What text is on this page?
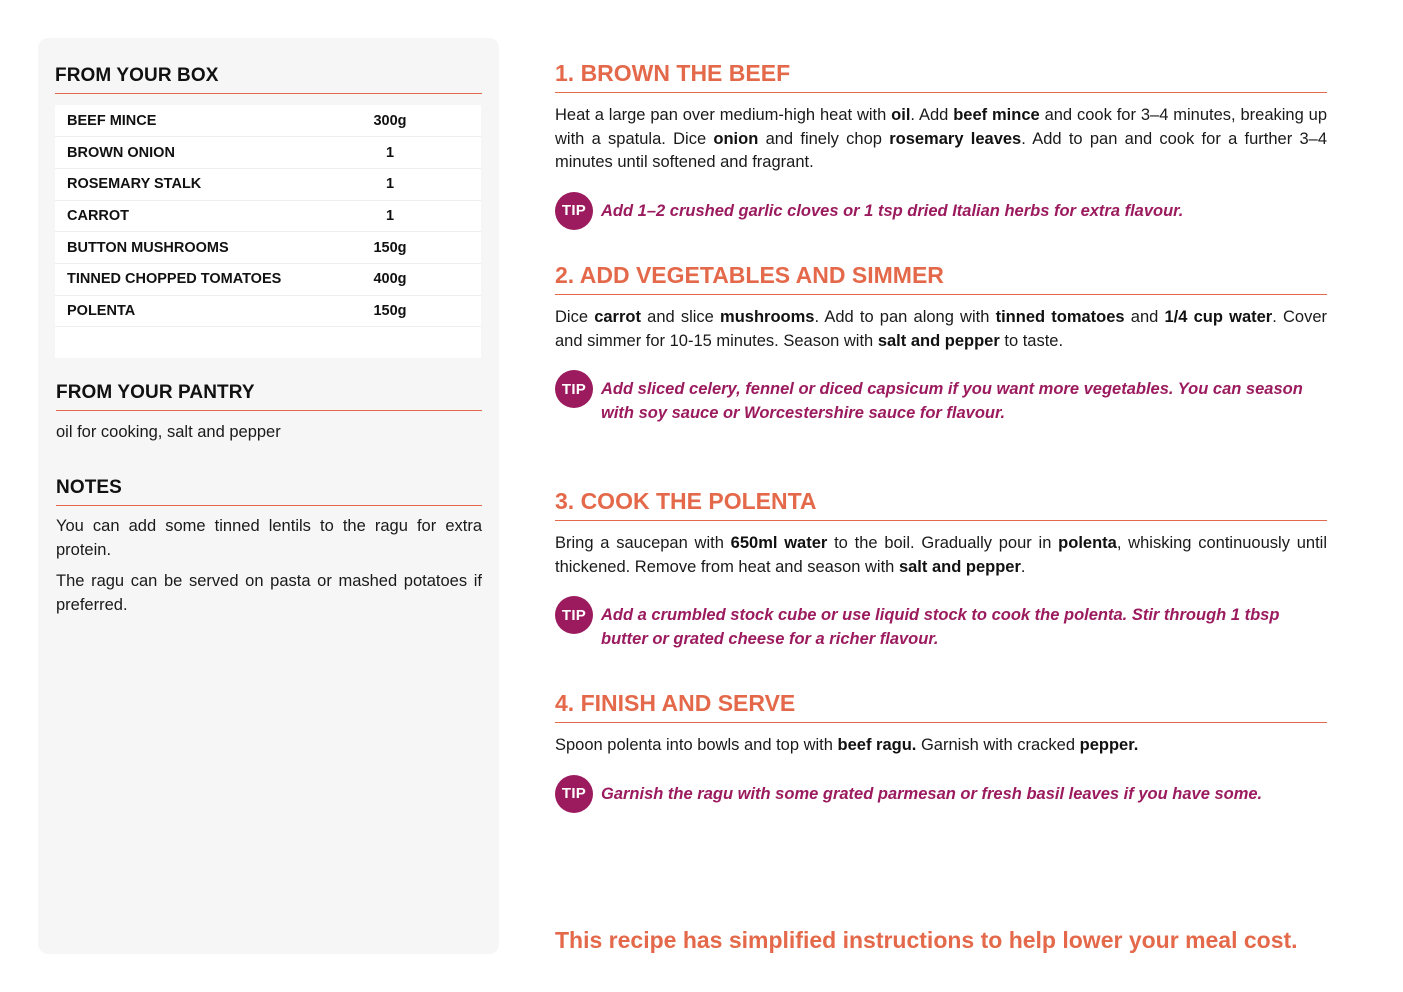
FROM YOUR BOX
BEEF MINCE	300g
BROWN ONION	1
ROSEMARY STALK	1
CARROT	1
BUTTON MUSHROOMS	150g
TINNED CHOPPED TOMATOES	400g
POLENTA	150g

FROM YOUR PANTRY

oil for cooking, salt and pepper

NOTES

You can add some tinned lentils to the ragu for extra protein.

The ragu can be served on pasta or mashed potatoes if preferred.

1. BROWN THE BEEF
Heat a large pan over medium-high heat with oil. Add beef mince and cook for 3–4 minutes, breaking up with a spatula. Dice onion and finely chop rosemary leaves. Add to pan and cook for a further 3–4 minutes until softened and fragrant.
TIP Add 1–2 crushed garlic cloves or 1 tsp dried Italian herbs for extra flavour.
2. ADD VEGETABLES AND SIMMER
Dice carrot and slice mushrooms. Add to pan along with tinned tomatoes and 1/4 cup water. Cover and simmer for 10-15 minutes. Season with salt and pepper to taste.
TIP Add sliced celery, fennel or diced capsicum if you want more vegetables. You can season with soy sauce or Worcestershire sauce for flavour.
3. COOK THE POLENTA
Bring a saucepan with 650ml water to the boil. Gradually pour in polenta, whisking continuously until thickened. Remove from heat and season with salt and pepper.
TIP Add a crumbled stock cube or use liquid stock to cook the polenta. Stir through 1 tbsp butter or grated cheese for a richer flavour.
4. FINISH AND SERVE
Spoon polenta into bowls and top with beef ragu. Garnish with cracked pepper.
TIP Garnish the ragu with some grated parmesan or fresh basil leaves if you have some.
This recipe has simplified instructions to help lower your meal cost.
